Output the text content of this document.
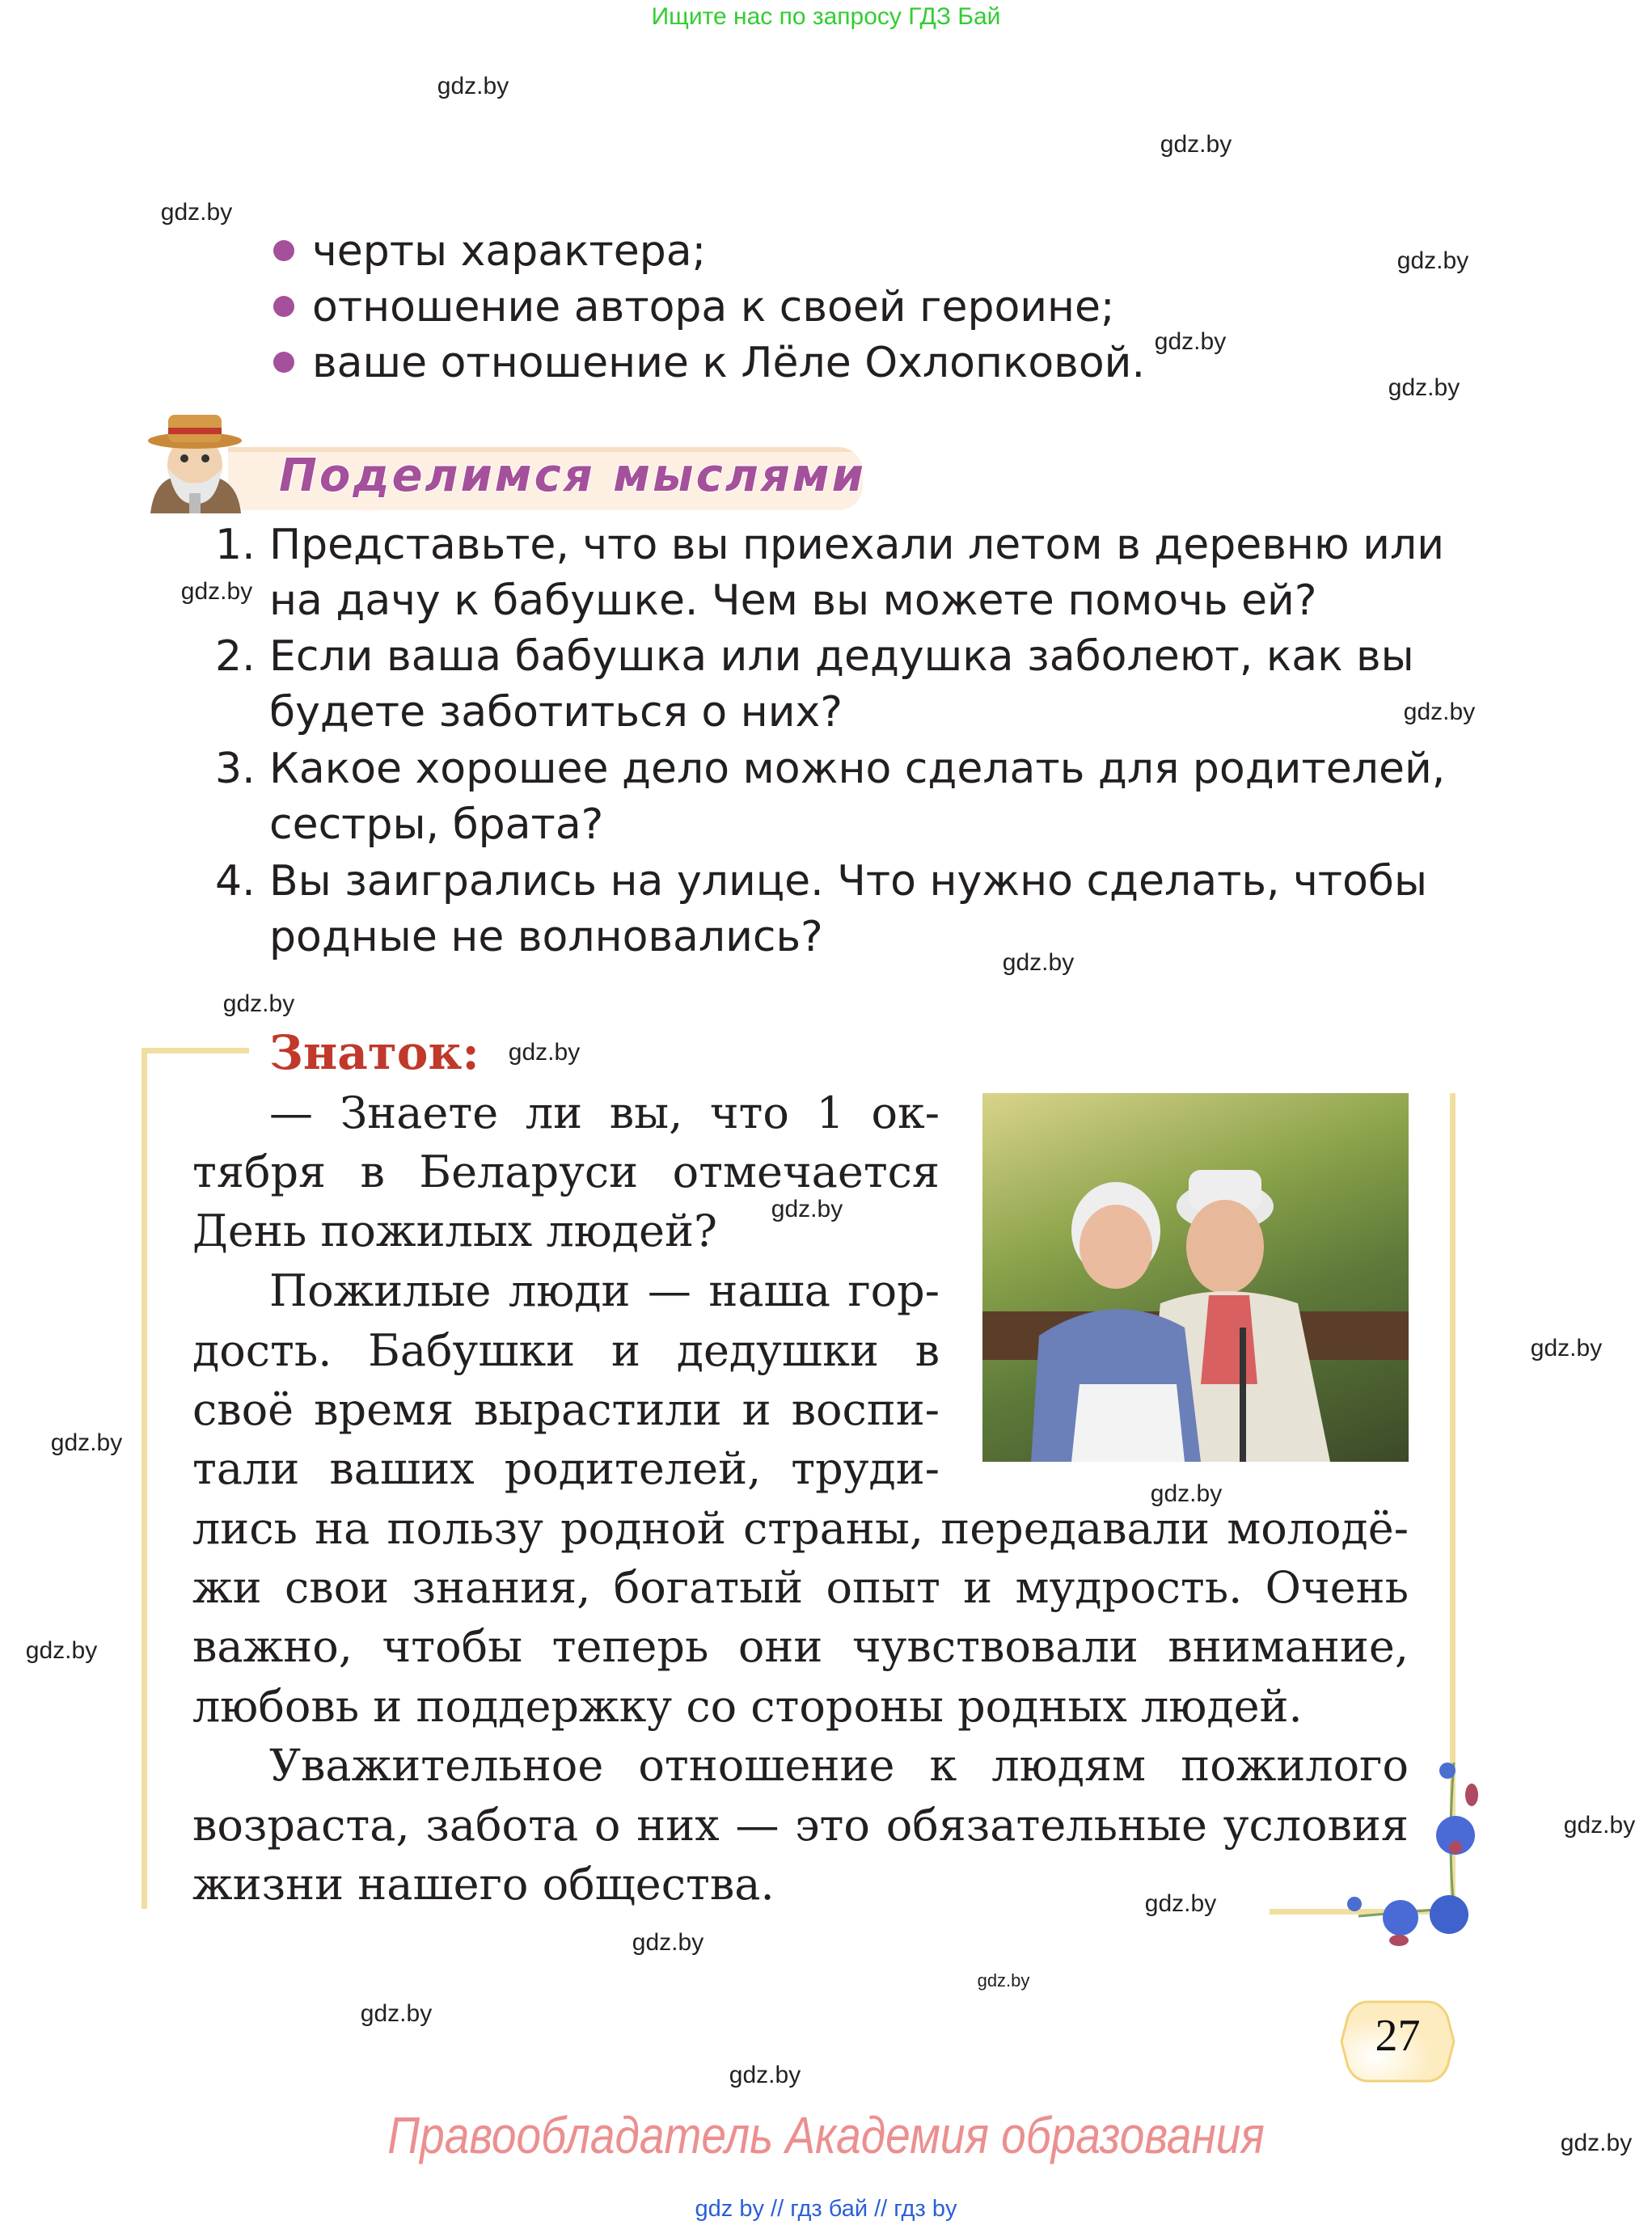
Ищите нас по запросу ГДЗ Бай
gdz.by
gdz.by
gdz.by
gdz.by
gdz.by
gdz.by
gdz.by
gdz.by
gdz.by
gdz.by
gdz.by
gdz.by
gdz.by
gdz.by
gdz.by
gdz.by
gdz.by
gdz.by
gdz.by
gdz.by
gdz.by
gdz.by
gdz.by
черты характера;
отношение автора к своей героине;
ваше отношение к Лёле Охлопковой.
Поделимся мыслями
1. Представьте, что вы приехали летом в деревню или
на дачу к бабушке. Чем вы можете помочь ей?
2. Если ваша бабушка или дедушка заболеют, как вы
будете заботиться о них?
3. Какое хорошее дело можно сделать для родителей,
сестры, брата?
4. Вы заигрались на улице. Что нужно сделать, чтобы
родные не волновались?
Знаток:
— Знаете ли вы, что 1 ок-
тября в Беларуси отмечается
День пожилых людей?
Пожилые люди — наша гор-
дость. Бабушки и дедушки в
своё время вырастили и воспи-
тали ваших родителей, труди-
лись на пользу родной страны, передавали молодё-
жи свои знания, богатый опыт и мудрость. Очень
важно, чтобы теперь они чувствовали внимание,
любовь и поддержку со стороны родных людей.
Уважительное отношение к людям пожилого
возраста, забота о них — это обязательные условия
жизни нашего общества.
27
Правообладатель Академия образования
gdz by // гдз бай // гдз by
